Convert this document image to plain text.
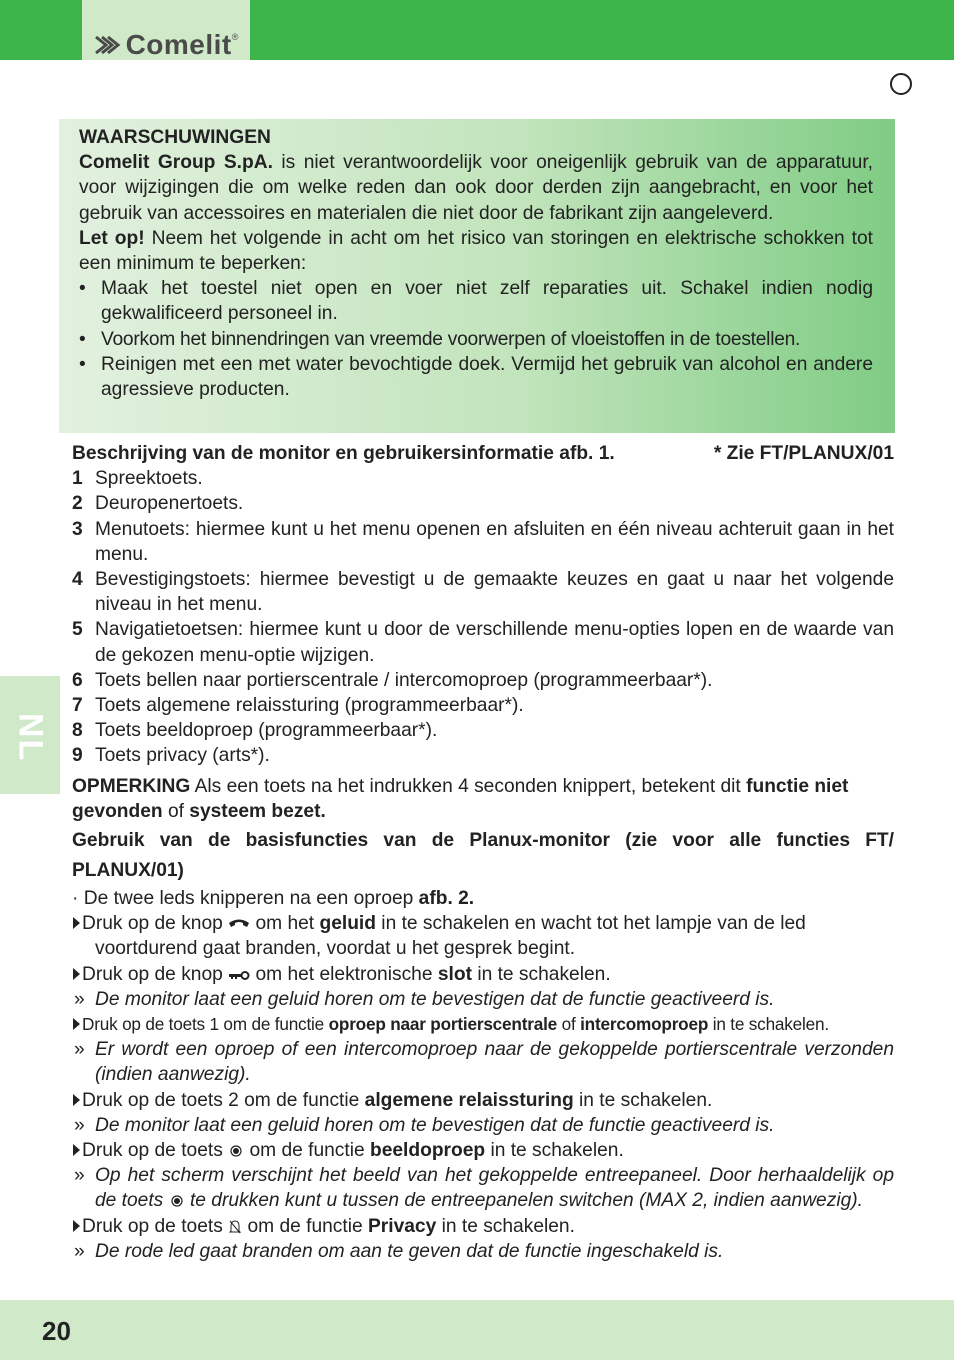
Comelit ®

WAARSCHUWINGEN

Comelit Group S.pA. is niet verantwoordelijk voor oneigenlijk gebruik van de apparatuur, voor wijzigingen die om welke reden dan ook door derden zijn aangebracht, en voor het gebruik van accessoires en materialen die niet door de fabrikant zijn aangeleverd.

Let op! Neem het volgende in acht om het risico van storingen en elektrische schokken tot een minimum te beperken:

• Maak het toestel niet open en voer niet zelf reparaties uit. Schakel indien nodig gekwalificeerd personeel in.
• Voorkom het binnendringen van vreemde voorwerpen of vloeistoffen in de toestellen.
• Reinigen met een met water bevochtigde doek. Vermijd het gebruik van alcohol en andere agressieve producten.

Beschrijving van de monitor en gebruikersinformatie afb. 1.	* Zie FT/PLANUX/01

1 Spreektoets.

2 Deuropenertoets.

3 Menutoets: hiermee kunt u het menu openen en afsluiten en één niveau achteruit gaan in het menu.

4 Bevestigingstoets: hiermee bevestigt u de gemaakte keuzes en gaat u naar het volgende niveau in het menu.

5 Navigatietoetsen: hiermee kunt u door de verschillende menu-opties lopen en de waarde van de gekozen menu-optie wijzigen.

6 Toets bellen naar portierscentrale / intercomoproep (programmeerbaar*).

7 Toets algemene relaissturing (programmeerbaar*).

8 Toets beeldoproep (programmeerbaar*).

9 Toets privacy (arts*).

OPMERKING Als een toets na het indrukken 4 seconden knippert, betekent dit functie niet gevonden of systeem bezet.

Gebruik van de basisfuncties van de Planux-monitor (zie voor alle functies FT/ PLANUX/01)

· De twee leds knipperen na een oproep afb. 2.

Druk op de knop  om het geluid in te schakelen en wacht tot het lampje van de led voortdurend gaat branden, voordat u het gesprek begint.

Druk op de knop  om het elektronische slot in te schakelen.

» De monitor laat een geluid horen om te bevestigen dat de functie geactiveerd is.

Druk op de toets 1 om de functie oproep naar portierscentrale of intercomoproep in te schakelen.

» Er wordt een oproep of een intercomoproep naar de gekoppelde portierscentrale verzonden (indien aanwezig).

Druk op de toets 2 om de functie algemene relaissturing in te schakelen.

» De monitor laat een geluid horen om te bevestigen dat de functie geactiveerd is.

Druk op de toets  om de functie beeldoproep in te schakelen.

» Op het scherm verschijnt het beeld van het gekoppelde entreepaneel. Door herhaaldelijk op de toets  te drukken kunt u tussen de entreepanelen switchen (MAX 2, indien aanwezig).

Druk op de toets  om de functie Privacy in te schakelen.

» De rode led gaat branden om aan te geven dat de functie ingeschakeld is.

NL
20
